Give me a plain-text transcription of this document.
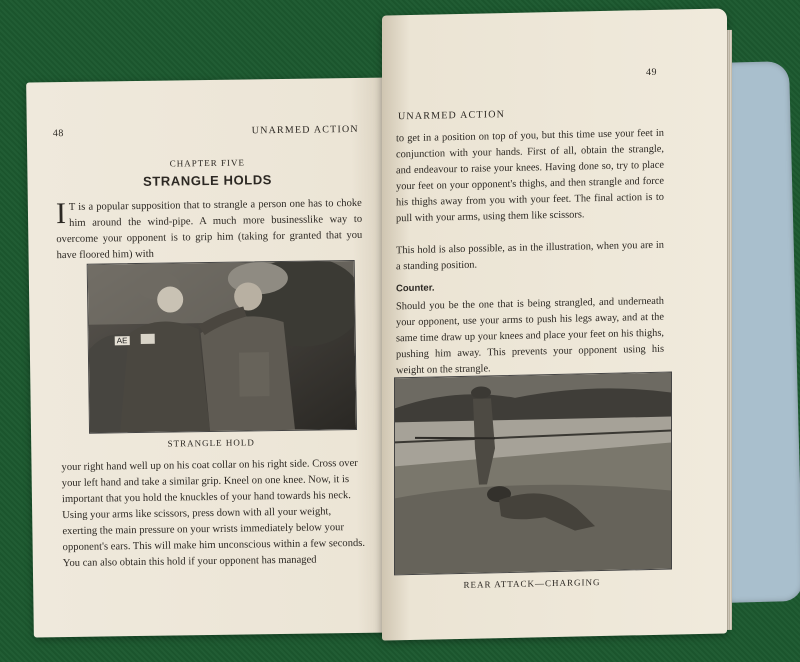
48	UNARMED ACTION
CHAPTER FIVE
STRANGLE HOLDS
I T is a popular supposition that to strangle a person one has to choke him around the wind-pipe. A much more businesslike way to overcome your opponent is to grip him (taking for granted that you have floored him) with
AE
STRANGLE HOLD
your right hand well up on his coat collar on his right side. Cross over your left hand and take a similar grip. Kneel on one knee. Now, it is important that you hold the knuckles of your hand towards his neck. Using your arms like scissors, press down with all your weight, exerting the main pressure on your wrists immediately below your opponent's ears. This will make him unconscious within a few seconds. You can also obtain this hold if your opponent has managed
49
UNARMED ACTION
to get in a position on top of you, but this time use your feet in conjunction with your hands. First of all, obtain the strangle, and endeavour to raise your knees. Having done so, try to place your feet on your opponent's thighs, and then strangle and force his thighs away from you with your feet. The final action is to pull with your arms, using them like scissors.
This hold is also possible, as in the illustration, when you are in a standing position.
Counter.
Should you be the one that is being strangled, and underneath your opponent, use your arms to push his legs away, and at the same time draw up your knees and place your feet on his thighs, pushing him away. This prevents your opponent using his weight on the strangle.
REAR ATTACK—CHARGING
